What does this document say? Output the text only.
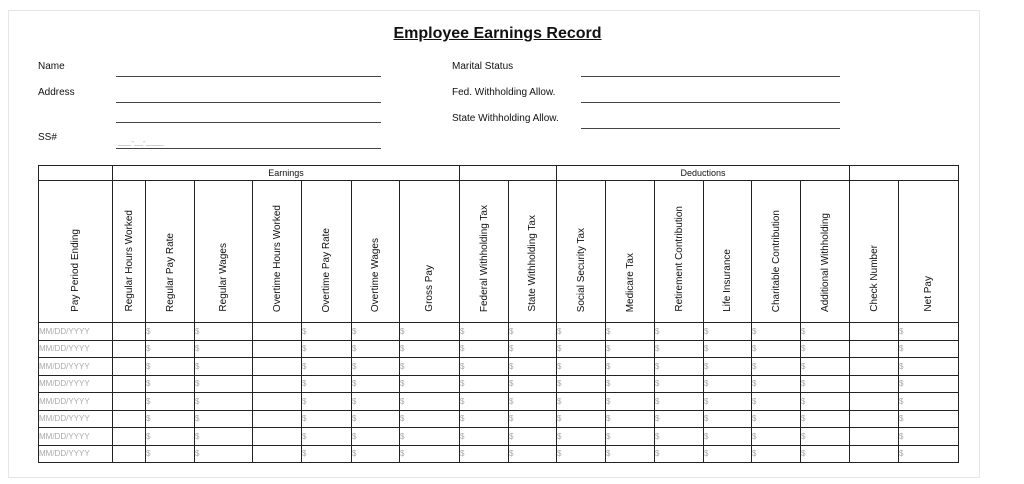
Employee Earnings Record
Name
Address
SS#	___-__-____
Marital Status
Fed. Withholding Allow.
State Withholding Allow.
	Earnings									Deductions							
Pay Period Ending	Regular Hours Worked	Regular Pay Rate	Regular Wages	Overtime Hours Worked	Overtime Pay Rate	Overtime Wages	Gross Pay	Federal Withholding Tax	State Withholding Tax	Social Security Tax	Medicare Tax	Retirement Contribution	Life Insurance	Charitable Contribution	Additional Withholding	Check Number	Net Pay
MM/DD/YYYY		$	$		$	$	$	$	$	$	$	$	$	$	$		$
MM/DD/YYYY		$	$		$	$	$	$	$	$	$	$	$	$	$		$
MM/DD/YYYY		$	$		$	$	$	$	$	$	$	$	$	$	$		$
MM/DD/YYYY		$	$		$	$	$	$	$	$	$	$	$	$	$		$
MM/DD/YYYY		$	$		$	$	$	$	$	$	$	$	$	$	$		$
MM/DD/YYYY		$	$		$	$	$	$	$	$	$	$	$	$	$		$
MM/DD/YYYY		$	$		$	$	$	$	$	$	$	$	$	$	$		$
MM/DD/YYYY		$	$		$	$	$	$	$	$	$	$	$	$	$		$
